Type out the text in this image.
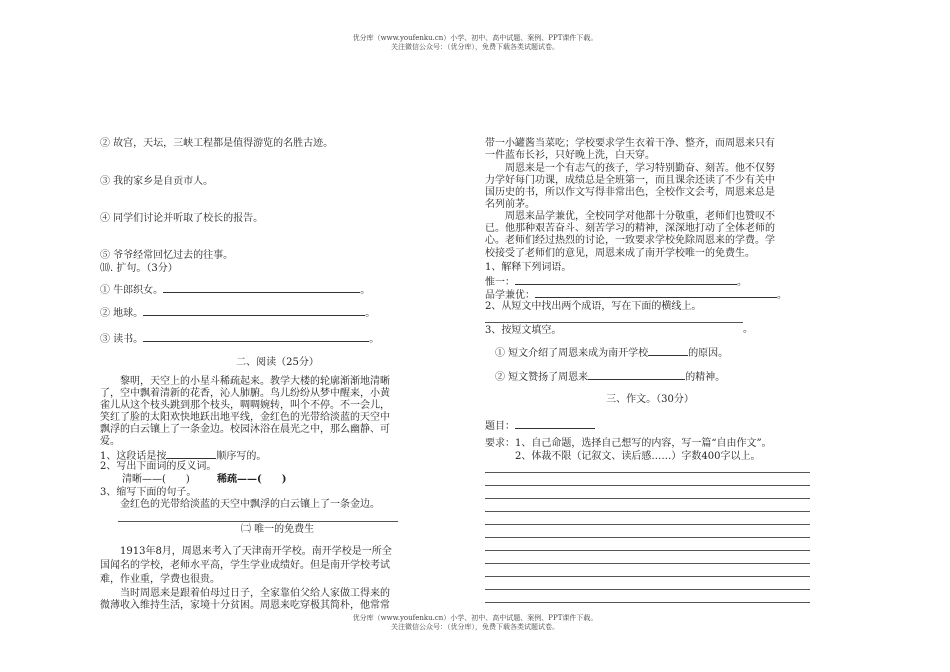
优分库（www.youfenku.cn）小学、初中、高中试题、案例、PPT课件下载。
关注微信公众号：（优分库），免费下载各类试题试卷。
② 故宫，天坛，三峡工程都是值得游览的名胜古迹。
③ 我的家乡是自贡市人。
④ 同学们讨论并听取了校长的报告。
⑤ 爷爷经常回忆过去的往事。
⑽. 扩句。（3分）
① 牛郎织女。	。
② 地球。	。
③ 读书。	。
二、阅读（25分）
　　黎明，天空上的小星斗稀疏起来。教学大楼的轮廓渐渐地清晰
了，空中飘着清新的花香，沁人肺腑。鸟儿纷纷从梦中醒来，小黄
雀儿从这个枝头跳到那个枝头，啁啁婉转，叫个不停。不一会儿，
笑红了脸的太阳欢快地跃出地平线，金红色的光带给淡蓝的天空中
飘浮的白云镶上了一条金边。校园沐浴在晨光之中，那么幽静、可
爱。
1、这段话是按	顺序写的。
2、写出下面词的反义词。
清晰——(　　)	稀疏——(　　)
3、缩写下面的句子。
　　金红色的光带给淡蓝的天空中飘浮的白云镶上了一条金边。
㈡ 唯一的免费生
　　1913年8月，周恩来考入了天津南开学校。南开学校是一所全
国闻名的学校，老师水平高，学生学业成绩好。但是南开学校考试
难，作业重，学费也很贵。
　　当时周恩来是跟着伯母过日子，全家靠伯父给人家做工得来的
微薄收入维持生活，家境十分贫困。周恩来吃穿极其简朴，他常常
带一小罐酱当菜吃；学校要求学生衣着干净、整齐，而周恩来只有
一件蓝布长衫，只好晚上洗，白天穿。
　　周恩来是一个有志气的孩子，学习特别勤奋、刻苦。他不仅努
力学好每门功课，成绩总是全班第一，而且课余还读了不少有关中
国历史的书，所以作文写得非常出色，全校作文会考，周恩来总是
名列前茅。
　　周恩来品学兼优，全校同学对他都十分敬重，老师们也赞叹不
已。他那种艰苦奋斗、刻苦学习的精神，深深地打动了全体老师的
心。老师们经过热烈的讨论，一致要求学校免除周恩来的学费。学
校接受了老师们的意见，周恩来成了南开学校唯一的免费生。
1、解释下列词语。
惟一：	。
品学兼优：	。
2、从短文中找出两个成语，写在下面的横线上。
。
3、按短文填空。
　① 短文介绍了周恩来成为南开学校	的原因。
　② 短文赞扬了周恩来	的精神。
三、作文。（30分）
题目：
要求：1、自己命题，选择自己想写的内容，写一篇“自由作文”。
　　　2、体裁不限（记叙文、读后感……）字数400字以上。
优分库（www.youfenku.cn）小学、初中、高中试题、案例、PPT课件下载。
关注微信公众号：（优分库），免费下载各类试题试卷。
